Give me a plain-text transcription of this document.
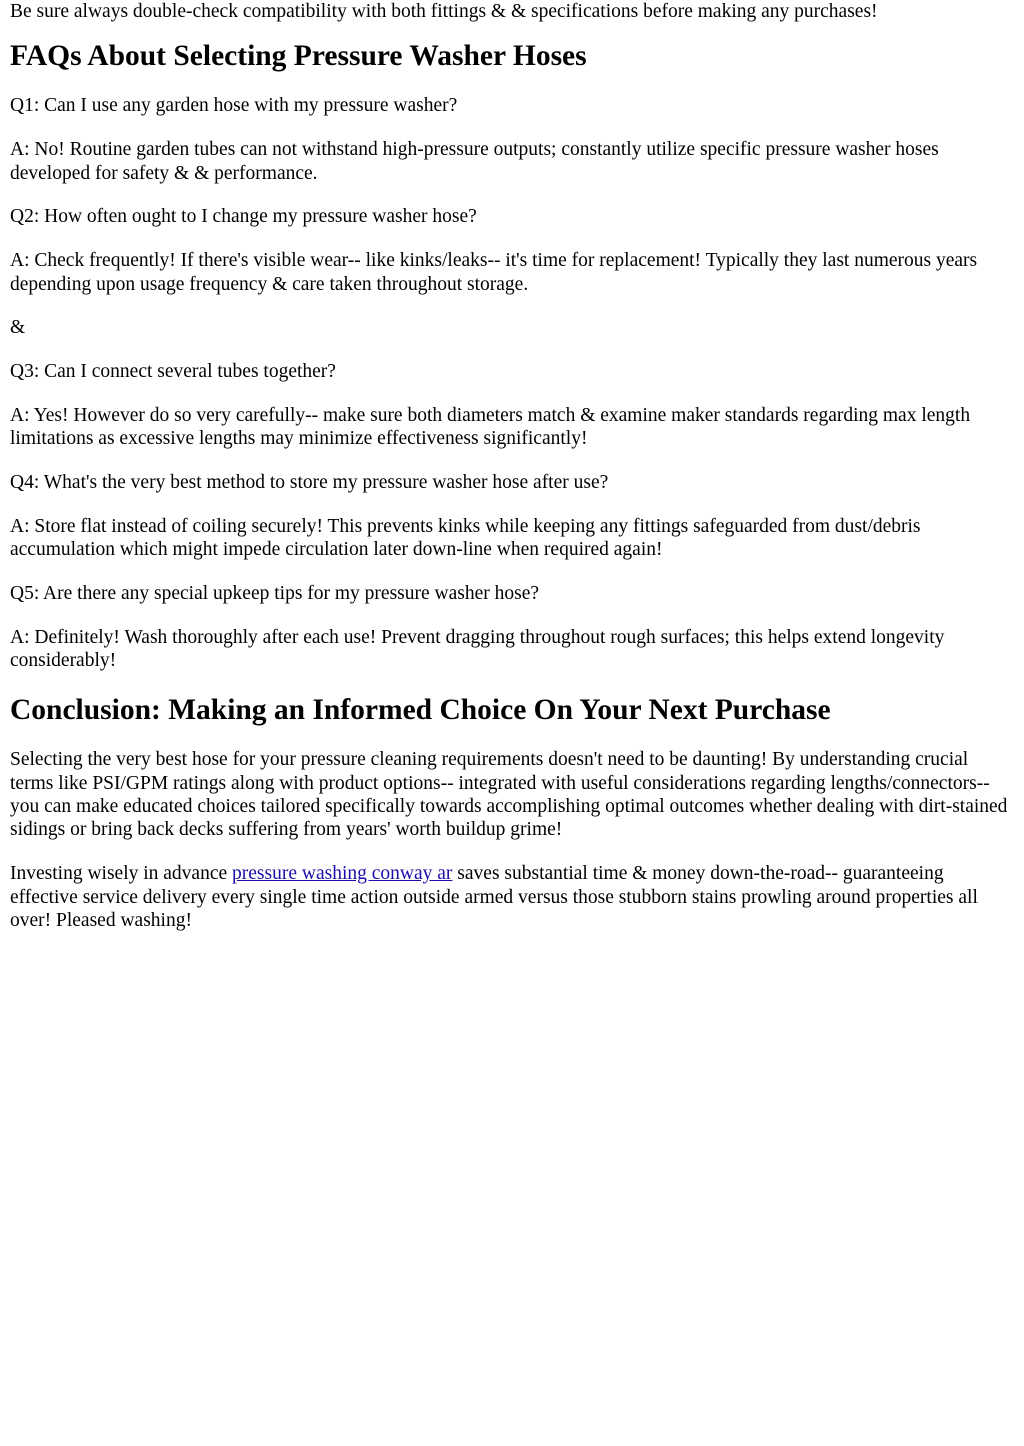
Be sure always double-check compatibility with both fittings & & specifications before making any purchases!

FAQs About Selecting Pressure Washer Hoses

Q1: Can I use any garden hose with my pressure washer?

A: No! Routine garden tubes can not withstand high-pressure outputs; constantly utilize specific pressure washer hoses developed for safety & & performance.

Q2: How often ought to I change my pressure washer hose?

A: Check frequently! If there's visible wear-- like kinks/leaks-- it's time for replacement! Typically they last numerous years depending upon usage frequency & care taken throughout storage.

&

Q3: Can I connect several tubes together?

A: Yes! However do so very carefully-- make sure both diameters match & examine maker standards regarding max length limitations as excessive lengths may minimize effectiveness significantly!

Q4: What's the very best method to store my pressure washer hose after use?

A: Store flat instead of coiling securely! This prevents kinks while keeping any fittings safeguarded from dust/debris accumulation which might impede circulation later down-line when required again!

Q5: Are there any special upkeep tips for my pressure washer hose?

A: Definitely! Wash thoroughly after each use! Prevent dragging throughout rough surfaces; this helps extend longevity considerably!

Conclusion: Making an Informed Choice On Your Next Purchase

Selecting the very best hose for your pressure cleaning requirements doesn't need to be daunting! By understanding crucial terms like PSI/GPM ratings along with product options-- integrated with useful considerations regarding lengths/connectors-- you can make educated choices tailored specifically towards accomplishing optimal outcomes whether dealing with dirt-stained sidings or bring back decks suffering from years' worth buildup grime!

Investing wisely in advance pressure washing conway ar saves substantial time & money down-the-road-- guaranteeing effective service delivery every single time action outside armed versus those stubborn stains prowling around properties all over! Pleased washing!
